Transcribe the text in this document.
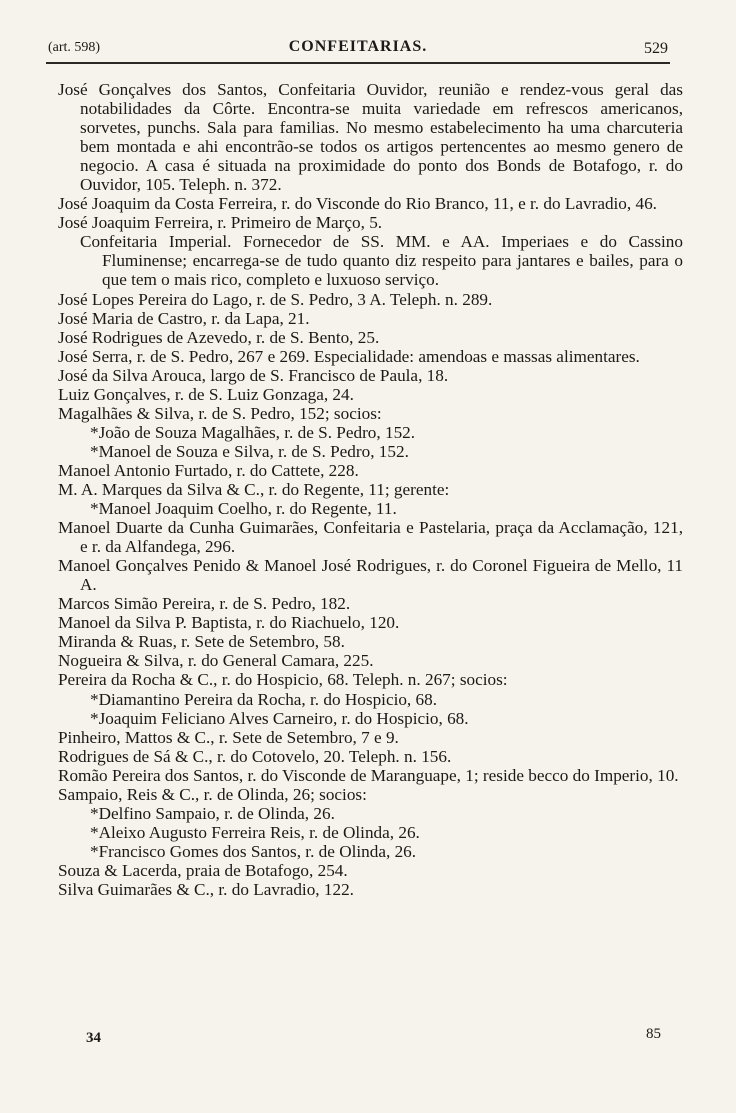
(art. 598)	CONFEITARIAS.	529

José Gonçalves dos Santos, Confeitaria Ouvidor, reunião e rendez-vous geral das notabilidades da Côrte. Encontra-se muita variedade em refrescos americanos, sorvetes, punchs. Sala para familias. No mesmo estabelecimento ha uma charcuteria bem montada e ahi encontrão-se todos os artigos pertencentes ao mesmo genero de negocio. A casa é situada na proximidade do ponto dos Bonds de Botafogo, r. do Ouvidor, 105. Teleph. n. 372.

José Joaquim da Costa Ferreira, r. do Visconde do Rio Branco, 11, e r. do Lavradio, 46.

José Joaquim Ferreira, r. Primeiro de Março, 5.

Confeitaria Imperial. Fornecedor de SS. MM. e AA. Imperiaes e do Cassino Fluminense; encarrega-se de tudo quanto diz respeito para jantares e bailes, para o que tem o mais rico, completo e luxuoso serviço.

José Lopes Pereira do Lago, r. de S. Pedro, 3 A. Teleph. n. 289.

José Maria de Castro, r. da Lapa, 21.

José Rodrigues de Azevedo, r. de S. Bento, 25.

José Serra, r. de S. Pedro, 267 e 269. Especialidade: amendoas e massas alimentares.

José da Silva Arouca, largo de S. Francisco de Paula, 18.

Luiz Gonçalves, r. de S. Luiz Gonzaga, 24.

Magalhães & Silva, r. de S. Pedro, 152; socios:

*João de Souza Magalhães, r. de S. Pedro, 152.

*Manoel de Souza e Silva, r. de S. Pedro, 152.

Manoel Antonio Furtado, r. do Cattete, 228.

M. A. Marques da Silva & C., r. do Regente, 11; gerente:

*Manoel Joaquim Coelho, r. do Regente, 11.

Manoel Duarte da Cunha Guimarães, Confeitaria e Pastelaria, praça da Acclamação, 121, e r. da Alfandega, 296.

Manoel Gonçalves Penido & Manoel José Rodrigues, r. do Coronel Figueira de Mello, 11 A.

Marcos Simão Pereira, r. de S. Pedro, 182.

Manoel da Silva P. Baptista, r. do Riachuelo, 120.

Miranda & Ruas, r. Sete de Setembro, 58.

Nogueira & Silva, r. do General Camara, 225.

Pereira da Rocha & C., r. do Hospicio, 68. Teleph. n. 267; socios:

*Diamantino Pereira da Rocha, r. do Hospicio, 68.

*Joaquim Feliciano Alves Carneiro, r. do Hospicio, 68.

Pinheiro, Mattos & C., r. Sete de Setembro, 7 e 9.

Rodrigues de Sá & C., r. do Cotovelo, 20. Teleph. n. 156.

Romão Pereira dos Santos, r. do Visconde de Maranguape, 1; reside becco do Imperio, 10.

Sampaio, Reis & C., r. de Olinda, 26; socios:

*Delfino Sampaio, r. de Olinda, 26.

*Aleixo Augusto Ferreira Reis, r. de Olinda, 26.

*Francisco Gomes dos Santos, r. de Olinda, 26.

Souza & Lacerda, praia de Botafogo, 254.

Silva Guimarães & C., r. do Lavradio, 122.

34	85
